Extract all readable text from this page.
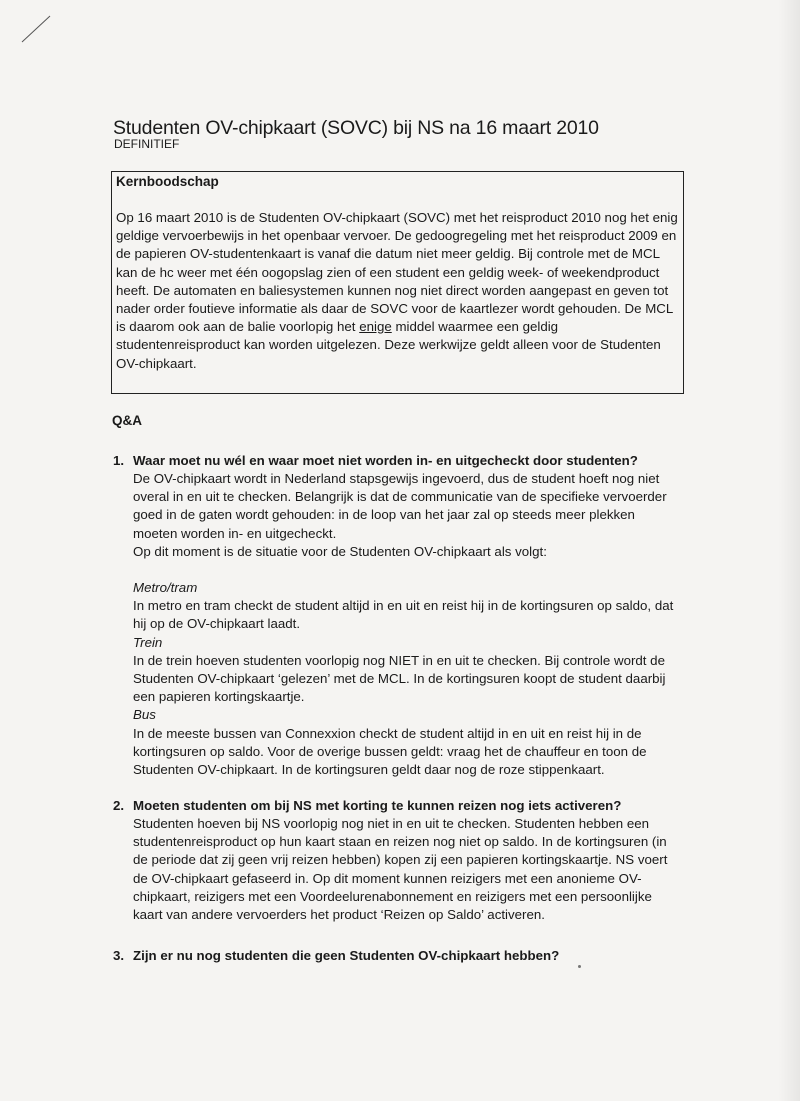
Studenten OV-chipkaart (SOVC) bij NS na 16 maart 2010
DEFINITIEF
Kernboodschap
Op 16 maart 2010 is de Studenten OV-chipkaart (SOVC) met het reisproduct 2010 nog het enig geldige vervoerbewijs in het openbaar vervoer. De gedoogregeling met het reisproduct 2009 en de papieren OV-studentenkaart is vanaf die datum niet meer geldig. Bij controle met de MCL kan de hc weer met één oogopslag zien of een student een geldig week- of weekendproduct heeft. De automaten en baliesystemen kunnen nog niet direct worden aangepast en geven tot nader order foutieve informatie als daar de SOVC voor de kaartlezer wordt gehouden. De MCL is daarom ook aan de balie voorlopig het enige middel waarmee een geldig studentenreisproduct kan worden uitgelezen. Deze werkwijze geldt alleen voor de Studenten OV-chipkaart.
Q&A
1. Waar moet nu wél en waar moet niet worden in- en uitgecheckt door studenten?

De OV-chipkaart wordt in Nederland stapsgewijs ingevoerd, dus de student hoeft nog niet overal in en uit te checken. Belangrijk is dat de communicatie van de specifieke vervoerder goed in de gaten wordt gehouden: in de loop van het jaar zal op steeds meer plekken moeten worden in- en uitgecheckt.

Op dit moment is de situatie voor de Studenten OV-chipkaart als volgt:

Metro/tram

In metro en tram checkt de student altijd in en uit en reist hij in de kortingsuren op saldo, dat hij op de OV-chipkaart laadt.

Trein

In de trein hoeven studenten voorlopig nog NIET in en uit te checken. Bij controle wordt de Studenten OV-chipkaart ‘gelezen’ met de MCL. In de kortingsuren koopt de student daarbij een papieren kortingskaartje.

Bus

In de meeste bussen van Connexxion checkt de student altijd in en uit en reist hij in de kortingsuren op saldo. Voor de overige bussen geldt: vraag het de chauffeur en toon de Studenten OV-chipkaart. In de kortingsuren geldt daar nog de roze stippenkaart.

2. Moeten studenten om bij NS met korting te kunnen reizen nog iets activeren?

Studenten hoeven bij NS voorlopig nog niet in en uit te checken. Studenten hebben een studentenreisproduct op hun kaart staan en reizen nog niet op saldo. In de kortingsuren (in de periode dat zij geen vrij reizen hebben) kopen zij een papieren kortingskaartje. NS voert de OV-chipkaart gefaseerd in. Op dit moment kunnen reizigers met een anonieme OV-chipkaart, reizigers met een Voordeelurenabonnement en reizigers met een persoonlijke kaart van andere vervoerders het product ‘Reizen op Saldo’ activeren.

3. Zijn er nu nog studenten die geen Studenten OV-chipkaart hebben?
